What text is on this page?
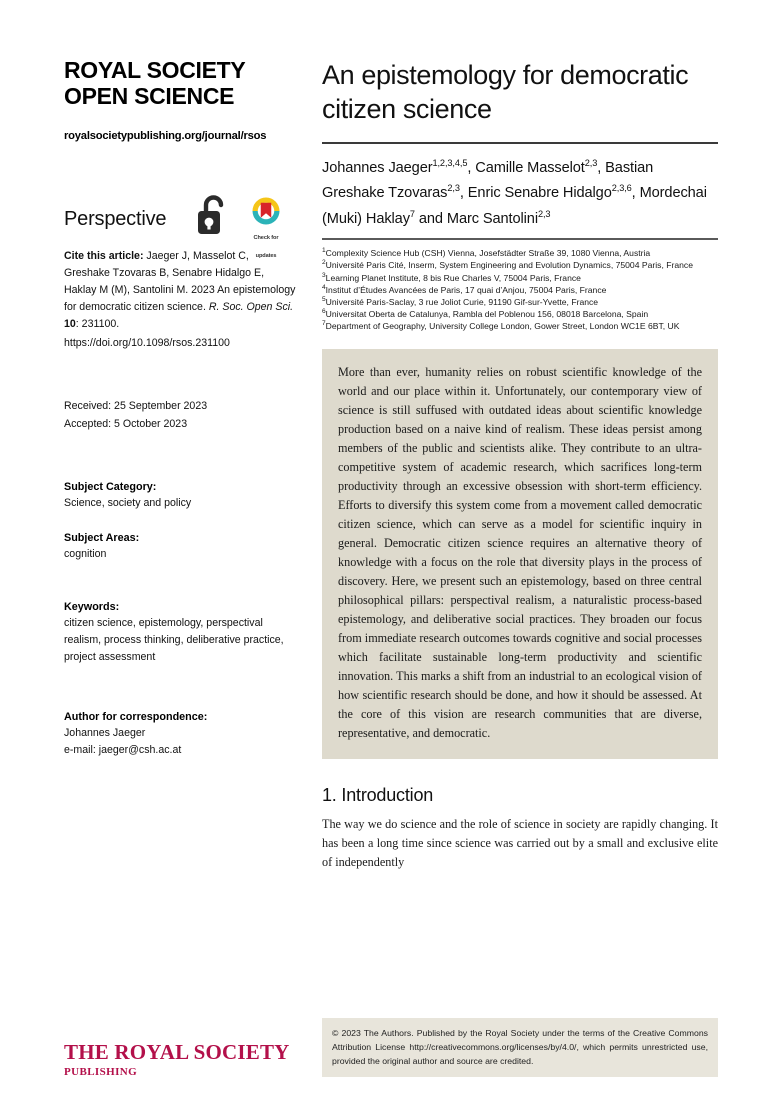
ROYAL SOCIETY
OPEN SCIENCE
royalsocietypublishing.org/journal/rsos
Check for
updates
Perspective
Cite this article: Jaeger J, Masselot C, Greshake Tzovaras B, Senabre Hidalgo E, Haklay M (M), Santolini M. 2023 An epistemology for democratic citizen science. R. Soc. Open Sci. 10: 231100.
https://doi.org/10.1098/rsos.231100
Received: 25 September 2023
Accepted: 5 October 2023
Subject Category:
Science, society and policy
Subject Areas:
cognition
Keywords:
citizen science, epistemology, perspectival realism, process thinking, deliberative practice, project assessment
Author for correspondence:
Johannes Jaeger
e-mail: jaeger@csh.ac.at
THE ROYAL SOCIETY
PUBLISHING
An epistemology for democratic citizen science
Johannes Jaeger$^{1,2,3,4,5}$, Camille Masselot$^{2,3}$, Bastian Greshake Tzovaras$^{2,3}$, Enric Senabre Hidalgo$^{2,3,6}$, Mordechai (Muki) Haklay$^7$ and Marc Santolini$^{2,3}$
$^1$Complexity Science Hub (CSH) Vienna, Josefstädter Straße 39, 1080 Vienna, Austria
$^2$Université Paris Cité, Inserm, System Engineering and Evolution Dynamics, 75004 Paris, France
$^3$Learning Planet Institute, 8 bis Rue Charles V, 75004 Paris, France
$^4$Institut d’Études Avancées de Paris, 17 quai d’Anjou, 75004 Paris, France
$^5$Université Paris-Saclay, 3 rue Joliot Curie, 91190 Gif-sur-Yvette, France
$^6$Universitat Oberta de Catalunya, Rambla del Poblenou 156, 08018 Barcelona, Spain
$^7$Department of Geography, University College London, Gower Street, London WC1E 6BT, UK

More than ever, humanity relies on robust scientific knowledge of the world and our place within it. Unfortunately, our contemporary view of science is still suffused with outdated ideas about scientific knowledge production based on a naive kind of realism. These ideas persist among members of the public and scientists alike. They contribute to an ultra-competitive system of academic research, which sacrifices long-term productivity through an excessive obsession with short-term efficiency. Efforts to diversify this system come from a movement called democratic citizen science, which can serve as a model for scientific inquiry in general. Democratic citizen science requires an alternative theory of knowledge with a focus on the role that diversity plays in the process of discovery. Here, we present such an epistemology, based on three central philosophical pillars: perspectival realism, a naturalistic process-based epistemology, and deliberative social practices. They broaden our focus from immediate research outcomes towards cognitive and social processes which facilitate sustainable long-term productivity and scientific innovation. This marks a shift from an industrial to an ecological vision of how scientific research should be done, and how it should be assessed. At the core of this vision are research communities that are diverse, representative, and democratic.

1. Introduction

The way we do science and the role of science in society are rapidly changing. It has been a long time since science was carried out by a small and exclusive elite of independently

© 2023 The Authors. Published by the Royal Society under the terms of the Creative Commons Attribution License http://creativecommons.org/licenses/by/4.0/, which permits unrestricted use, provided the original author and source are credited.
